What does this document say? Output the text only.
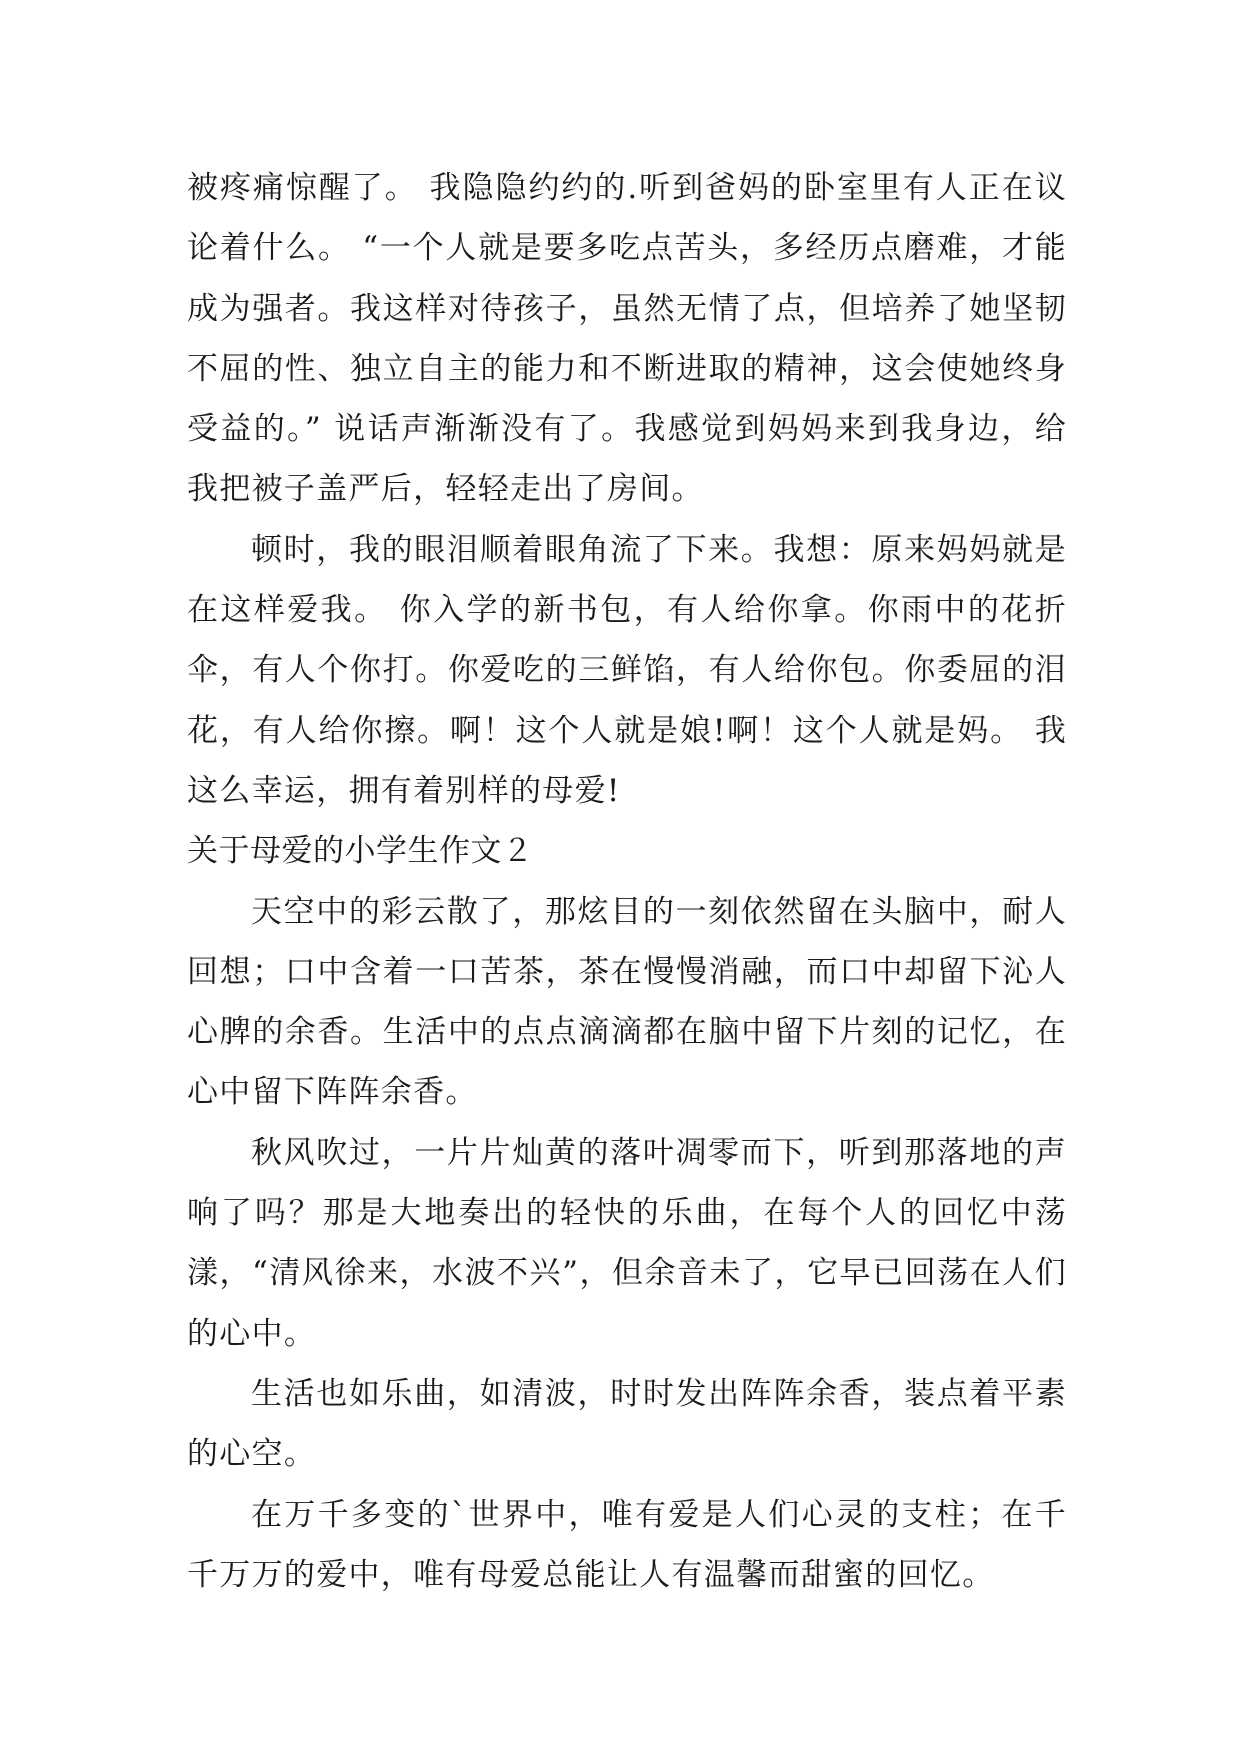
被疼痛惊醒了。 我隐隐约约的.听到爸妈的卧室里有人正在议论着什么。 “一个人就是要多吃点苦头，多经历点磨难，才能成为强者。我这样对待孩子，虽然无情了点，但培养了她坚韧不屈的性、独立自主的能力和不断进取的精神，这会使她终身受益的。” 说话声渐渐没有了。我感觉到妈妈来到我身边，给我把被子盖严后，轻轻走出了房间。

顿时，我的眼泪顺着眼角流了下来。我想：原来妈妈就是在这样爱我。 你入学的新书包，有人给你拿。你雨中的花折伞，有人个你打。你爱吃的三鲜馅，有人给你包。你委屈的泪花，有人给你擦。啊！这个人就是娘!啊！这个人就是妈。 我这么幸运，拥有着别样的母爱!

关于母爱的小学生作文２

天空中的彩云散了，那炫目的一刻依然留在头脑中，耐人回想；口中含着一口苦茶，茶在慢慢消融，而口中却留下沁人心脾的余香。生活中的点点滴滴都在脑中留下片刻的记忆，在心中留下阵阵余香。

秋风吹过，一片片灿黄的落叶凋零而下，听到那落地的声响了吗？那是大地奏出的轻快的乐曲，在每个人的回忆中荡漾，“清风徐来，水波不兴”，但余音未了，它早已回荡在人们的心中。

生活也如乐曲，如清波，时时发出阵阵余香，装点着平素的心空。

在万千多变的`世界中，唯有爱是人们心灵的支柱；在千千万万的爱中，唯有母爱总能让人有温馨而甜蜜的回忆。
